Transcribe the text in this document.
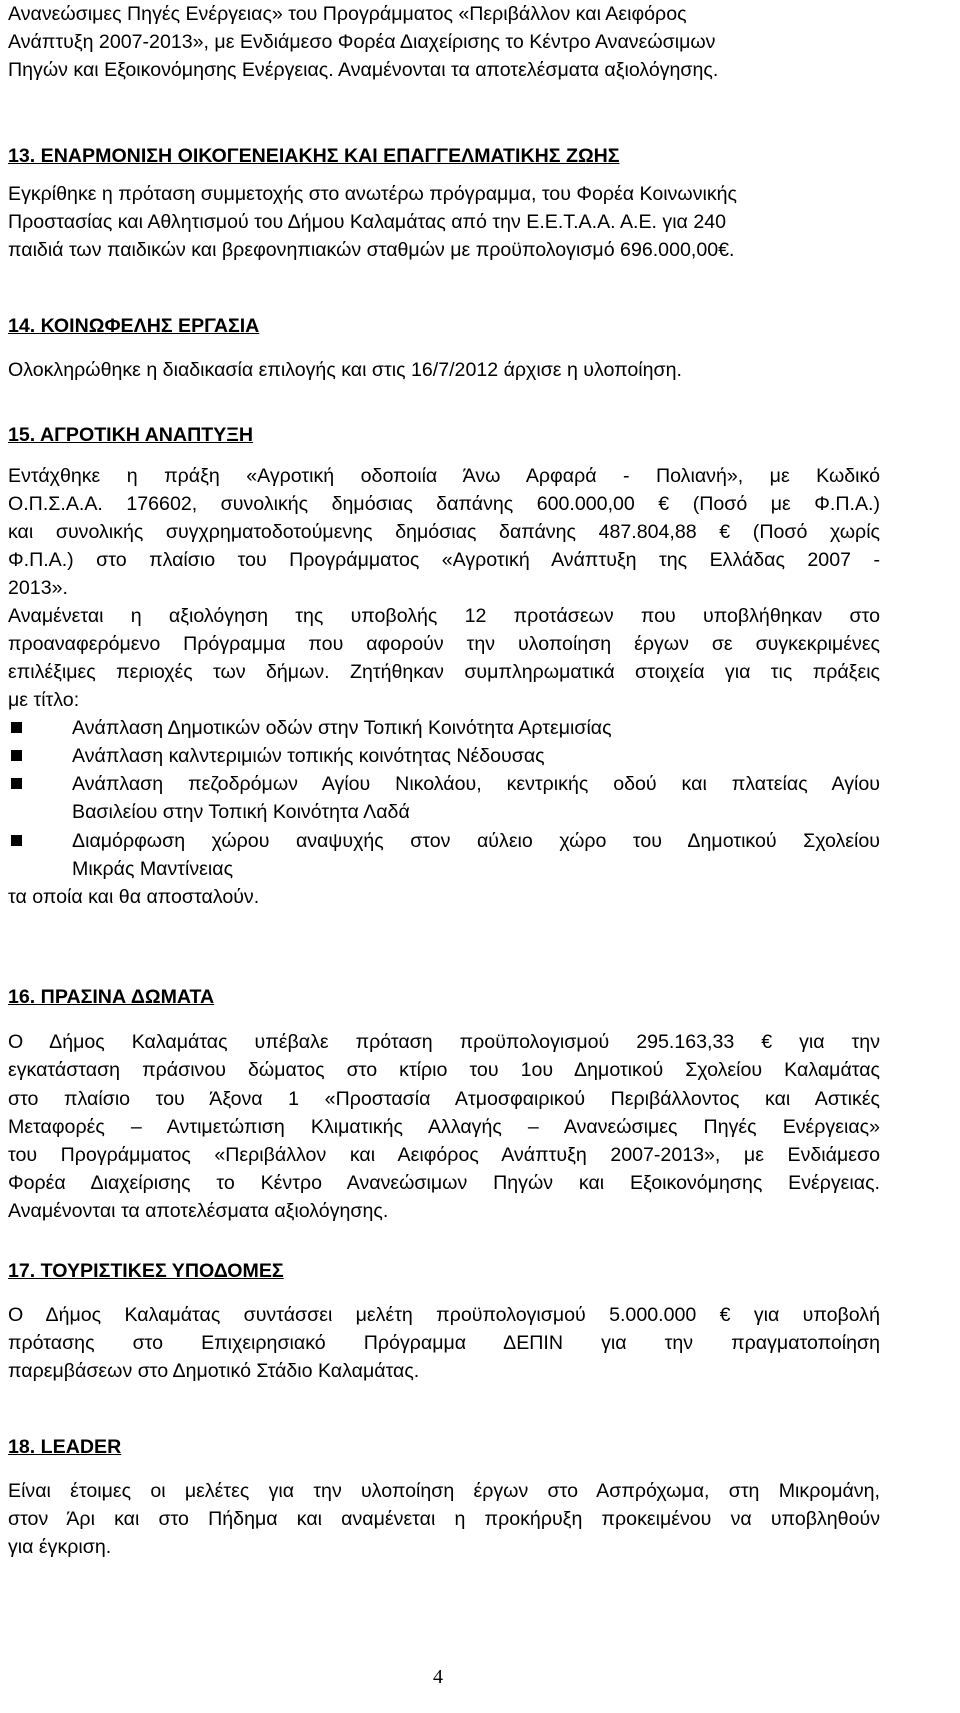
Ανανεώσιμες Πηγές Ενέργειας» του Προγράμματος «Περιβάλλον και Αειφόρος
Ανάπτυξη 2007-2013», με Ενδιάμεσο Φορέα Διαχείρισης το Κέντρο Ανανεώσιμων
Πηγών και Εξοικονόμησης Ενέργειας. Αναμένονται τα αποτελέσματα αξιολόγησης.
13. ΕΝΑΡΜΟΝΙΣΗ ΟΙΚΟΓΕΝΕΙΑΚΗΣ ΚΑΙ ΕΠΑΓΓΕΛΜΑΤΙΚΗΣ ΖΩΗΣ
Εγκρίθηκε η πρόταση συμμετοχής στο ανωτέρω πρόγραμμα, του Φορέα Κοινωνικής
Προστασίας και Αθλητισμού του Δήμου Καλαμάτας από την Ε.Ε.Τ.Α.Α. Α.Ε. για 240
παιδιά των παιδικών και βρεφονηπιακών σταθμών με προϋπολογισμό 696.000,00€.
14. ΚΟΙΝΩΦΕΛΗΣ ΕΡΓΑΣΙΑ
Ολοκληρώθηκε η διαδικασία επιλογής και στις 16/7/2012 άρχισε η υλοποίηση.
15. ΑΓΡΟΤΙΚΗ ΑΝΑΠΤΥΞΗ
Εντάχθηκε η πράξη «Αγροτική οδοποιία Άνω Αρφαρά - Πολιανή», με Κωδικό
Ο.Π.Σ.Α.Α. 176602, συνολικής δημόσιας δαπάνης 600.000,00 € (Ποσό με Φ.Π.Α.)
και συνολικής συγχρηματοδοτούμενης δημόσιας δαπάνης 487.804,88 € (Ποσό χωρίς
Φ.Π.Α.) στο πλαίσιο του Προγράμματος «Αγροτική Ανάπτυξη της Ελλάδας 2007 -
2013».
Αναμένεται η αξιολόγηση της υποβολής 12 προτάσεων που υποβλήθηκαν στο
προαναφερόμενο Πρόγραμμα που αφορούν την υλοποίηση έργων σε συγκεκριμένες
επιλέξιμες περιοχές των δήμων. Ζητήθηκαν συμπληρωματικά στοιχεία για τις πράξεις
με τίτλο:
Ανάπλαση Δημοτικών οδών στην Τοπική Κοινότητα Αρτεμισίας
Ανάπλαση καλντεριμιών τοπικής κοινότητας Νέδουσας
Ανάπλαση πεζοδρόμων Αγίου Νικολάου, κεντρικής οδού και πλατείας Αγίου
Βασιλείου στην Τοπική Κοινότητα Λαδά
Διαμόρφωση χώρου αναψυχής στον αύλειο χώρο του Δημοτικού Σχολείου
Μικράς Μαντίνειας
τα οποία και θα αποσταλούν.
16. ΠΡΑΣΙΝΑ ΔΩΜΑΤΑ
Ο Δήμος Καλαμάτας υπέβαλε πρόταση προϋπολογισμού 295.163,33 € για την
εγκατάσταση πράσινου δώματος στο κτίριο του 1ου Δημοτικού Σχολείου Καλαμάτας
στο πλαίσιο του Άξονα 1 «Προστασία Ατμοσφαιρικού Περιβάλλοντος και Αστικές
Μεταφορές – Αντιμετώπιση Κλιματικής Αλλαγής – Ανανεώσιμες Πηγές Ενέργειας»
του Προγράμματος «Περιβάλλον και Αειφόρος Ανάπτυξη 2007-2013», με Ενδιάμεσο
Φορέα Διαχείρισης το Κέντρο Ανανεώσιμων Πηγών και Εξοικονόμησης Ενέργειας.
Αναμένονται τα αποτελέσματα αξιολόγησης.
17. ΤΟΥΡΙΣΤΙΚΕΣ ΥΠΟΔΟΜΕΣ
Ο Δήμος Καλαμάτας συντάσσει μελέτη προϋπολογισμού 5.000.000 € για υποβολή
πρότασης στο Επιχειρησιακό Πρόγραμμα ΔΕΠΙΝ για την πραγματοποίηση
παρεμβάσεων στο Δημοτικό Στάδιο Καλαμάτας.
18. LEADER
Είναι έτοιμες οι μελέτες για την υλοποίηση έργων στο Ασπρόχωμα, στη Μικρομάνη,
στον Άρι και στο Πήδημα και αναμένεται η προκήρυξη προκειμένου να υποβληθούν
για έγκριση.
4
